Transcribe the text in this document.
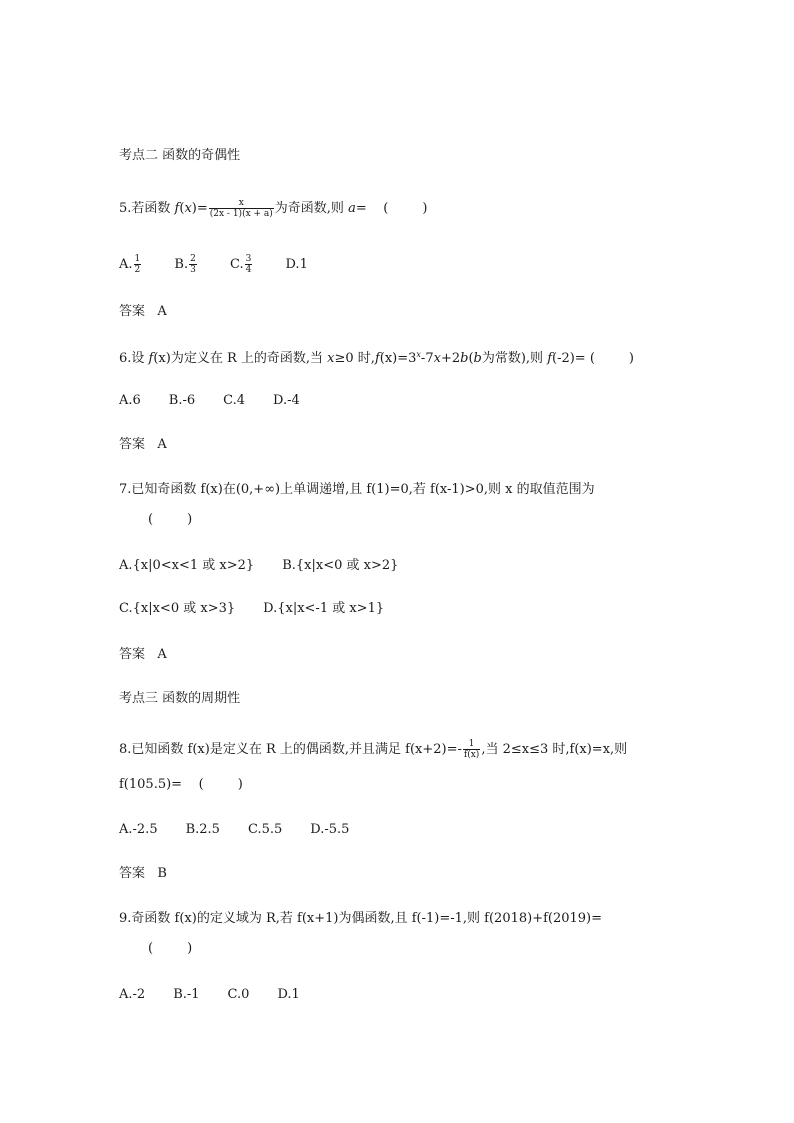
考点二 函数的奇偶性
5.若函数 $f(x)= \frac{x}{(2x - 1)(x + a)}$ 为奇函数,则 a= (	)
A. $\frac{1}{2}$	B. $\frac{2}{3}$	C. $\frac{3}{4}$	D.1
答案 A
6.设 f(x)为定义在 R 上的奇函数,当 x≥0 时$,f(x)=3^x-7x+2b(b$为常数),则 f(-2)= (	)
A.6 B.-6 C.4 D.-4
答案 A
7.已知奇函数 f(x)在(0,+∞)上单调递增,且 f(1)=0,若 f(x-1)>0,则 x 的取值范围为
(	)
A.{x|0<x<1 或 x>2} B.{x|x<0 或 x>2}
C.{x|x<0 或 x>3} D.{x|x<-1 或 x>1}
答案 A
考点三 函数的周期性
8.已知函数 f(x)是定义在 R 上的偶函数,并且满足 $f(x+2)=- \frac{1}{f(x)}$ ,当 2≤x≤3 时,f(x)=x,则
f(105.5)= (	)
A.-2.5 B.2.5 C.5.5 D.-5.5
答案 B
9.奇函数 f(x)的定义域为 R,若 f(x+1)为偶函数,且 f(-1)=-1,则 f(2018)+f(2019)=
(	)
A.-2 B.-1 C.0 D.1
